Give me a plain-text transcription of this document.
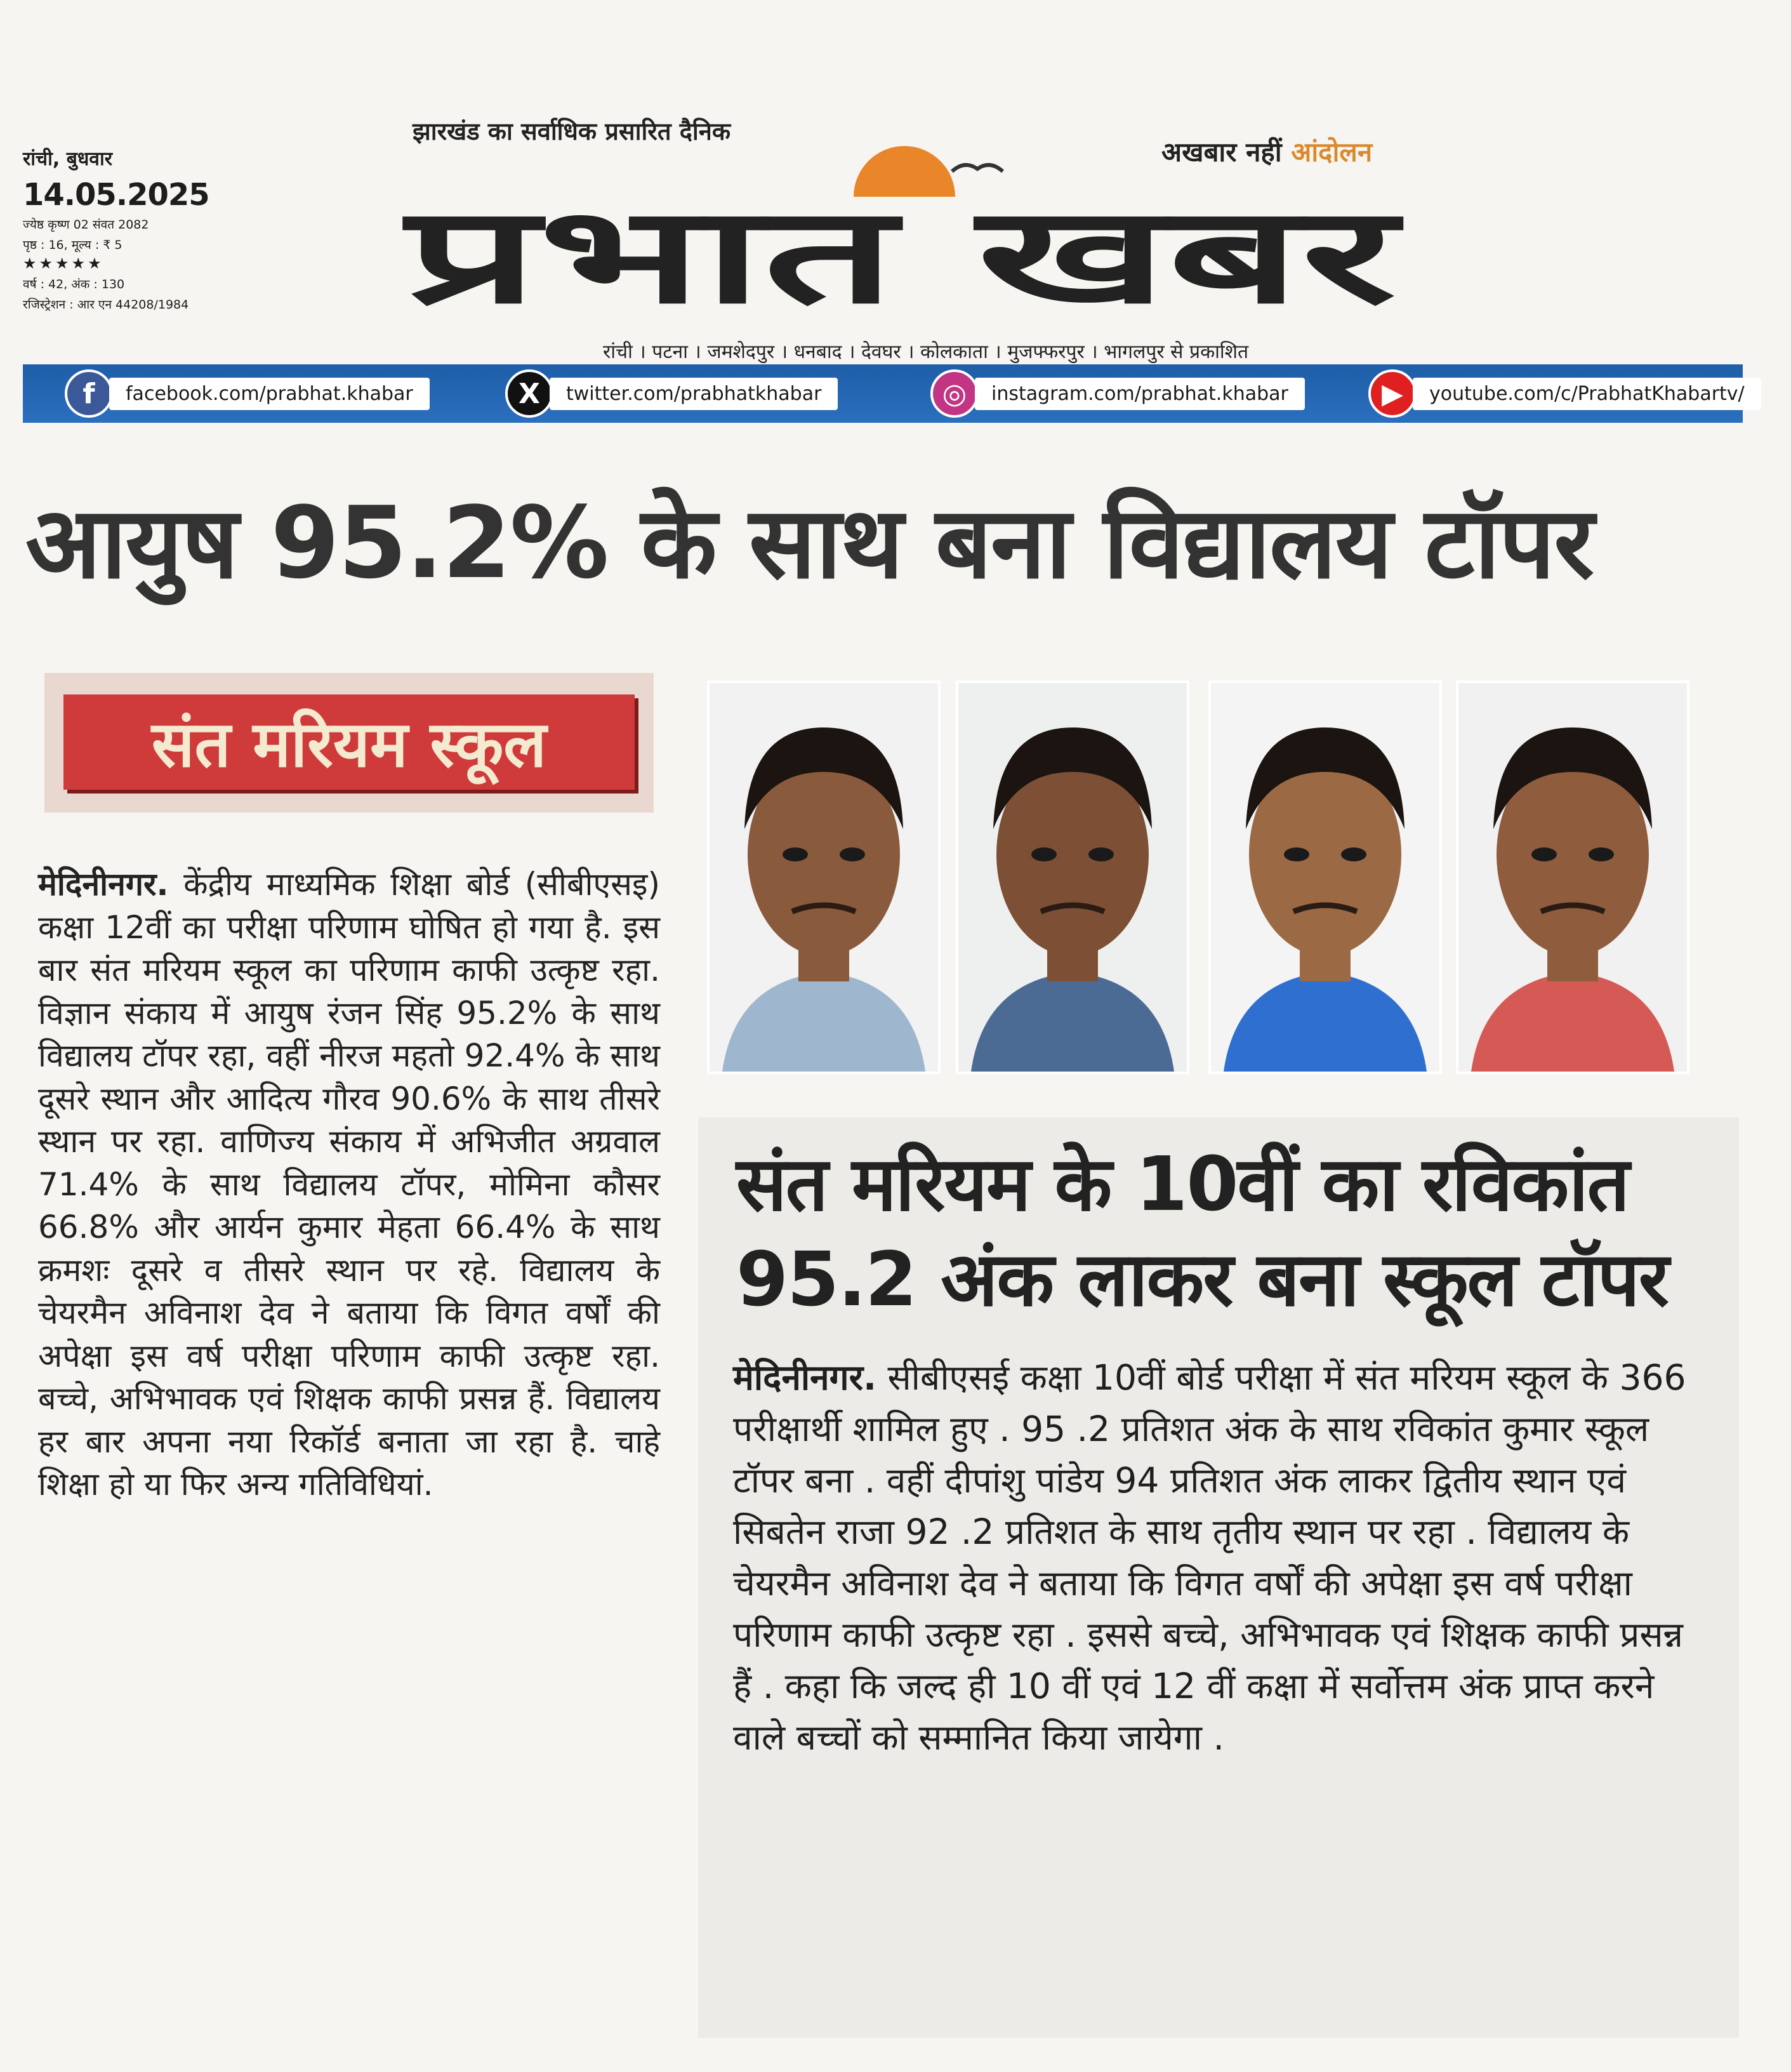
रांची, बुधवार
14.05.2025
ज्येष्ठ कृष्ण 02 संवत 2082
पृष्ठ : 16, मूल्य : ₹ 5
★★★★★
वर्ष : 42, अंक : 130
रजिस्ट्रेशन : आर एन 44208/1984
झारखंड का सर्वाधिक प्रसारित दैनिक
प्रभात खबर
अखबार नहीं आंदोलन
रांची । पटना । जमशेदपुर । धनबाद । देवघर । कोलकाता । मुजफ्फरपुर । भागलपुर से प्रकाशित
f	facebook.com/prabhat.khabar	X	twitter.com/prabhatkhabar	◎	instagram.com/prabhat.khabar	▶	youtube.com/c/PrabhatKhabartv/
आयुष 95.2% के साथ बना विद्यालय टॉपर
संत मरियम स्कूल
मेदिनीनगर. केंद्रीय माध्यमिक शिक्षा बोर्ड (सीबीएसइ) कक्षा 12वीं का परीक्षा परिणाम घोषित हो गया है. इस बार संत मरियम स्कूल का परिणाम काफी उत्कृष्ट रहा. विज्ञान संकाय में आयुष रंजन सिंह 95.2% के साथ विद्यालय टॉपर रहा, वहीं नीरज महतो 92.4% के साथ दूसरे स्थान और आदित्य गौरव 90.6% के साथ तीसरे स्थान पर रहा. वाणिज्य संकाय में अभिजीत अग्रवाल 71.4% के साथ विद्यालय टॉपर, मोमिना कौसर 66.8% और आर्यन कुमार मेहता 66.4% के साथ क्रमशः दूसरे व तीसरे स्थान पर रहे. विद्यालय के चेयरमैन अविनाश देव ने बताया कि विगत वर्षों की अपेक्षा इस वर्ष परीक्षा परिणाम काफी उत्कृष्ट रहा. बच्चे, अभिभावक एवं शिक्षक काफी प्रसन्न हैं. विद्यालय हर बार अपना नया रिकॉर्ड बनाता जा रहा है. चाहे शिक्षा हो या फिर अन्य गतिविधियां.
संत मरियम के 10वीं का रविकांत
95.2 अंक लाकर बना स्कूल टॉपर
मेदिनीनगर. सीबीएसई कक्षा 10वीं बोर्ड परीक्षा में संत मरियम स्कूल के 366 परीक्षार्थी शामिल हुए . 95 .2 प्रतिशत अंक के साथ रविकांत कुमार स्कूल टॉपर बना . वहीं दीपांशु पांडेय 94 प्रतिशत अंक लाकर द्वितीय स्थान एवं सिबतेन राजा 92 .2 प्रतिशत के साथ तृतीय स्थान पर रहा . विद्यालय के चेयरमैन अविनाश देव ने बताया कि विगत वर्षों की अपेक्षा इस वर्ष परीक्षा परिणाम काफी उत्कृष्ट रहा . इससे बच्चे, अभिभावक एवं शिक्षक काफी प्रसन्न हैं . कहा कि जल्द ही 10 वीं एवं 12 वीं कक्षा में सर्वोत्तम अंक प्राप्त करने वाले बच्चों को सम्मानित किया जायेगा .
